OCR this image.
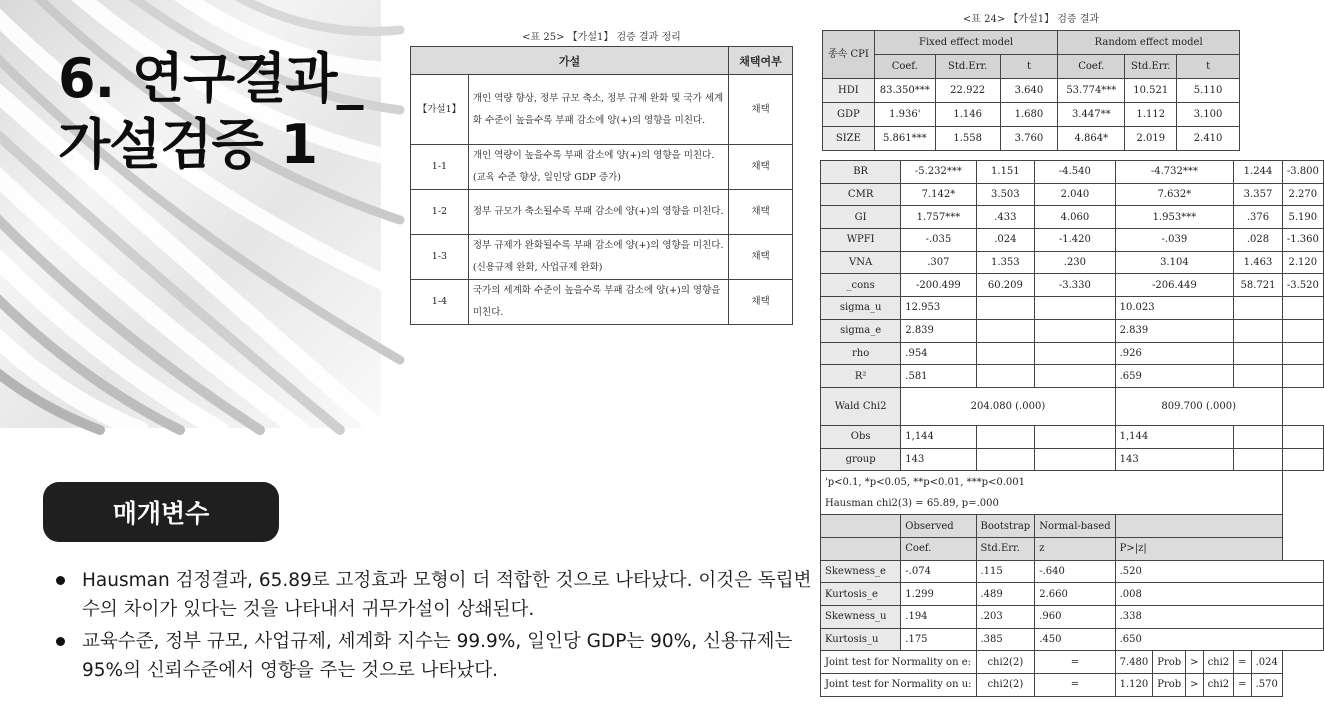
6. 연구결과_
가설검증 1
매개변수
Hausman 검정결과, 65.89로 고정효과 모형이 더 적합한 것으로 나타났다. 이것은 독립변수의 차이가 있다는 것을 나타내서 귀무가설이 상쇄된다.
교육수준, 정부 규모, 사업규제, 세계화 지수는 99.9%, 일인당 GDP는 90%, 신용규제는 95%의 신뢰수준에서 영향을 주는 것으로 나타났다.
<표 25> 【가설1】 검증 결과 정리
가설		채택여부
【가설1】	개인 역량 향상, 정부 규모 축소, 정부 규제 완화 및 국가 세계화 수준이 높을수록 부패 감소에 양(+)의 영향을 미친다.	채택
1-1	개인 역량이 높을수록 부패 감소에 양(+)의 영향을 미친다. (교육 수준 향상, 일인당 GDP 증가)	채택
1-2	정부 규모가 축소될수록 부패 감소에 양(+)의 영향을 미친다.	채택
1-3	정부 규제가 완화될수록 부패 감소에 양(+)의 영향을 미친다. (신용규제 완화, 사업규제 완화)	채택
1-4	국가의 세계화 수준이 높을수록 부패 감소에 양(+)의 영향을 미친다.	채택
<표 24> 【가설1】 검증 결과
종속 CPI	Fixed effect model			Random effect model		
	Coef.	Std.Err.	t	Coef.	Std.Err.	t
HDI	83.350***	22.922	3.640	53.774***	10.521	5.110
GDP	1.936'	1.146	1.680	3.447**	1.112	3.100
SIZE	5.861***	1.558	3.760	4.864*	2.019	2.410
BR	-5.232***	1.151	-4.540	-4.732***				1.244		-3.800
CMR	7.142*	3.503	2.040	7.632*				3.357		2.270
GI	1.757***	.433	4.060	1.953***				.376		5.190
WPFI	-.035	.024	-1.420	-.039				.028		-1.360
VNA	.307	1.353	.230	3.104				1.463		2.120
_cons	-200.499	60.209	-3.330	-206.449				58.721		-3.520
sigma_u	12.953			10.023						
sigma_e	2.839			2.839						
rho	.954			.926						
R²	.581			.659						
Wald Chi2	204.080 (.000)			809.700 (.000)						
Obs	1,144			1,144						
group	143			143						
'p<0.1, *p<0.05, **p<0.01, ***p<0.001										
Hausman chi2(3) = 65.89, p=.000										
	Observed	Bootstrap	Normal-based							
	Coef.	Std.Err.	z	P>|z|						
Skewness_e	-.074	.115	-.640	.520						
Kurtosis_e	1.299	.489	2.660	.008						
Skewness_u	.194	.203	.960	.338						
Kurtosis_u	.175	.385	.450	.650						
Joint test for Normality on e:		chi2(2)	=	7.480	Prob	>	chi2	=	.024	
Joint test for Normality on u:		chi2(2)	=	1.120	Prob	>	chi2	=	.570	
